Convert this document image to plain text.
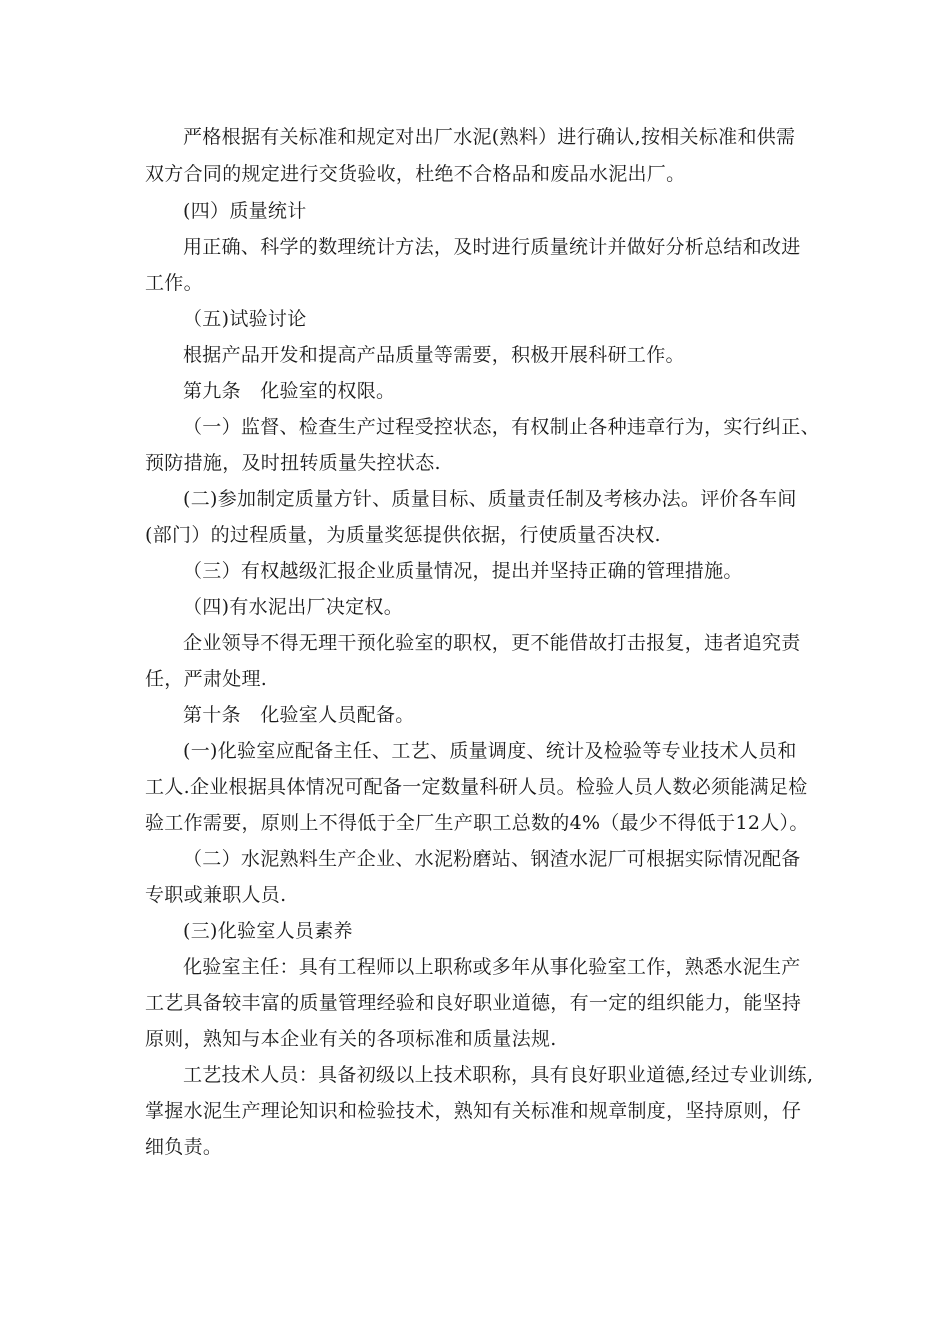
严格根据有关标准和规定对出厂水泥(熟料）进行确认,按相关标准和供需
双方合同的规定进行交货验收，杜绝不合格品和废品水泥出厂。
(四）质量统计
用正确、科学的数理统计方法，及时进行质量统计并做好分析总结和改进
工作。
（五)试验讨论
根据产品开发和提高产品质量等需要，积极开展科研工作。
第九条　化验室的权限。
（一）监督、检查生产过程受控状态，有权制止各种违章行为，实行纠正、
预防措施，及时扭转质量失控状态.
(二)参加制定质量方针、质量目标、质量责任制及考核办法。评价各车间
(部门）的过程质量，为质量奖惩提供依据，行使质量否决权.
（三）有权越级汇报企业质量情况，提出并坚持正确的管理措施。
（四)有水泥出厂决定权。
企业领导不得无理干预化验室的职权，更不能借故打击报复，违者追究责
任，严肃处理.
第十条　化验室人员配备。
(一)化验室应配备主任、工艺、质量调度、统计及检验等专业技术人员和
工人.企业根据具体情况可配备一定数量科研人员。检验人员人数必须能满足检
验工作需要，原则上不得低于全厂生产职工总数的4%（最少不得低于12人）。
（二）水泥熟料生产企业、水泥粉磨站、钢渣水泥厂可根据实际情况配备
专职或兼职人员.
(三)化验室人员素养
化验室主任：具有工程师以上职称或多年从事化验室工作，熟悉水泥生产
工艺具备较丰富的质量管理经验和良好职业道德，有一定的组织能力，能坚持
原则，熟知与本企业有关的各项标准和质量法规.
工艺技术人员：具备初级以上技术职称，具有良好职业道德,经过专业训练,
掌握水泥生产理论知识和检验技术，熟知有关标准和规章制度，坚持原则，仔
细负责。
